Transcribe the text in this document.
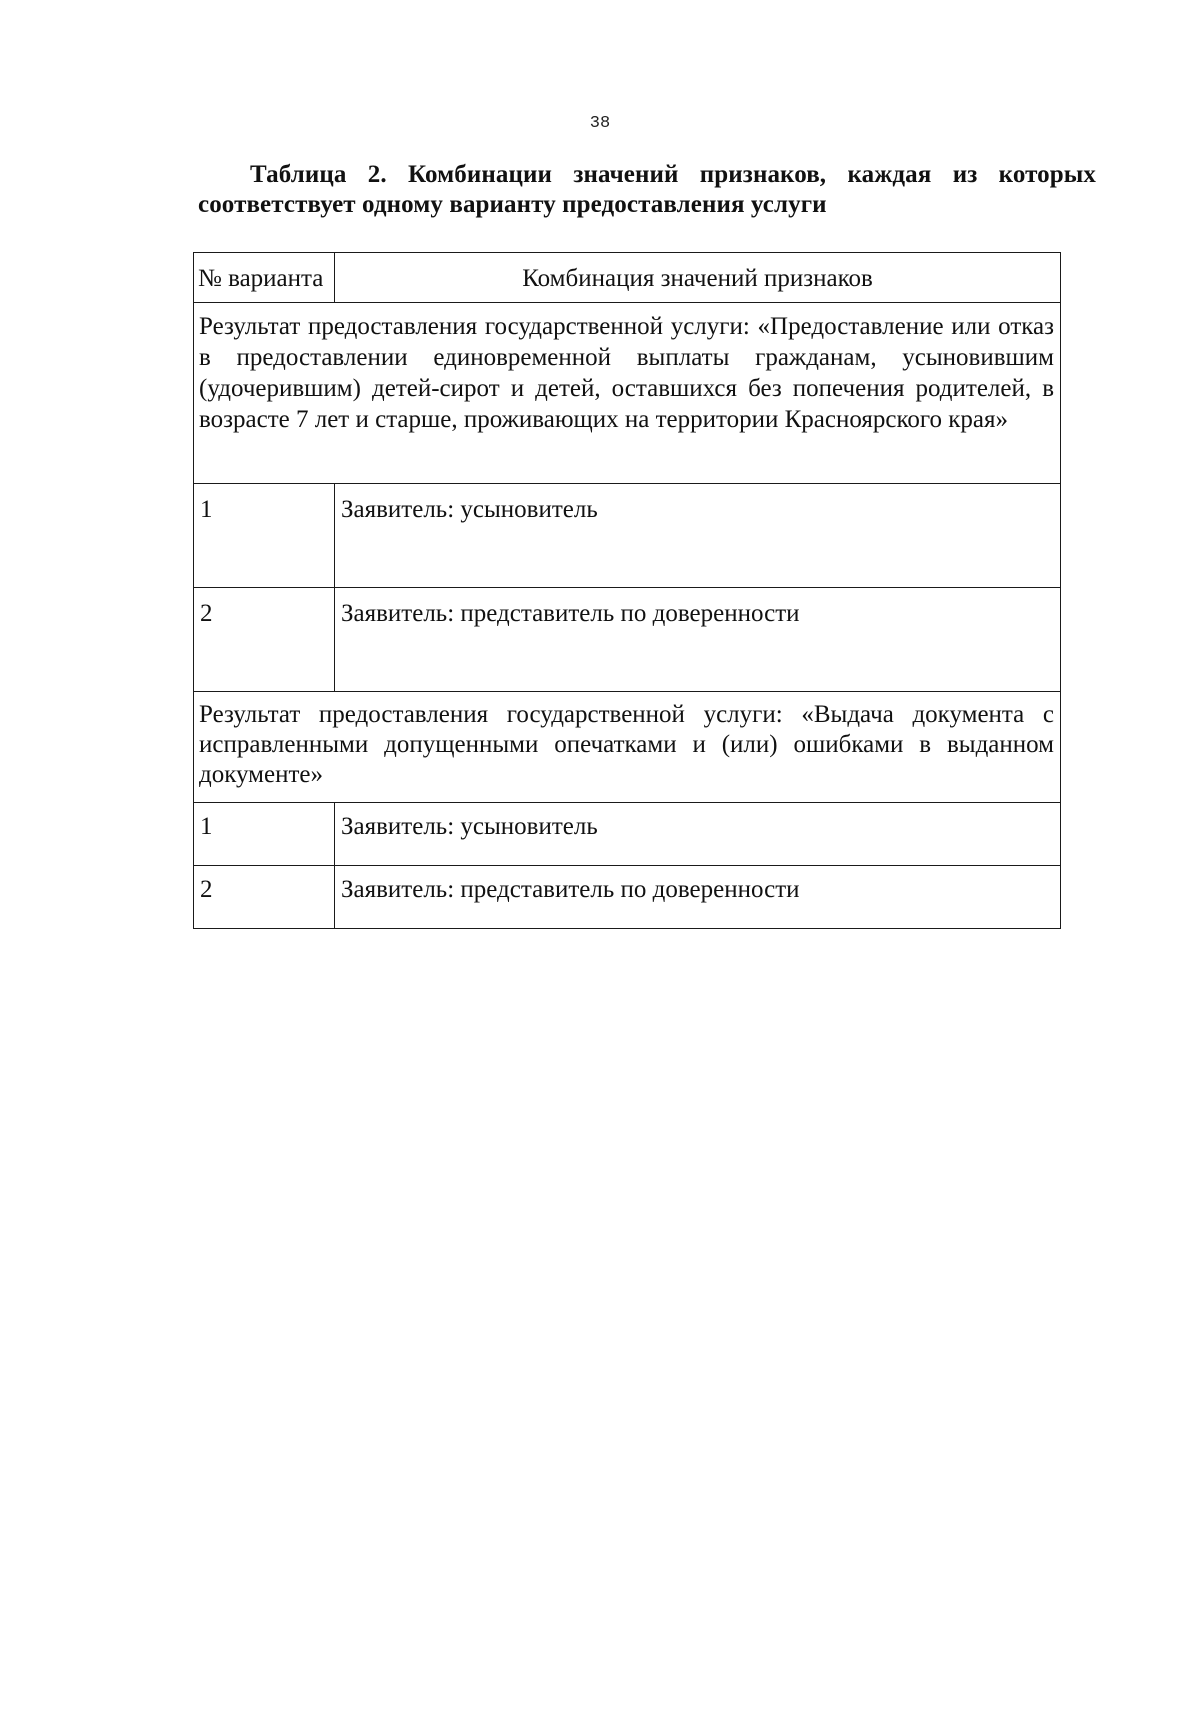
38
Таблица 2. Комбинации значений признаков, каждая из которых соответствует одному варианту предоставления услуги
№ варианта	Комбинация значений признаков
Результат предоставления государственной услуги: «Предоставление или отказ в предоставлении единовременной выплаты гражданам, усыновившим (удочерившим) детей-сирот и детей, оставшихся без попечения родителей, в возрасте 7 лет и старше, проживающих на территории Красноярского края»	
1	Заявитель: усыновитель
2	Заявитель: представитель по доверенности
Результат предоставления государственной услуги: «Выдача документа с исправленными допущенными опечатками и (или) ошибками в выданном документе»	
1	Заявитель: усыновитель
2	Заявитель: представитель по доверенности
